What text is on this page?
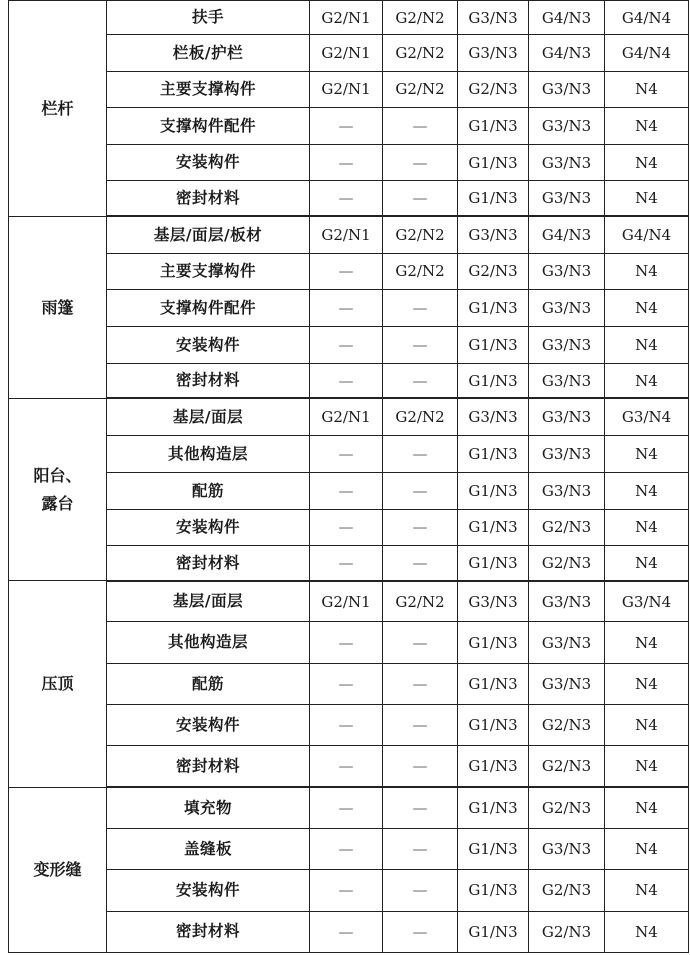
栏杆	扶手	G2/N1	G2/N2	G3/N3	G4/N3	G4/N4
	栏板/护栏	G2/N1	G2/N2	G3/N3	G4/N3	G4/N4
	主要支撑构件	G2/N1	G2/N2	G2/N3	G3/N3	N4
	支撑构件配件	—	—	G1/N3	G3/N3	N4
	安装构件	—	—	G1/N3	G3/N3	N4
	密封材料	—	—	G1/N3	G3/N3	N4
雨篷	基层/面层/板材	G2/N1	G2/N2	G3/N3	G4/N3	G4/N4
	主要支撑构件	—	G2/N2	G2/N3	G3/N3	N4
	支撑构件配件	—	—	G1/N3	G3/N3	N4
	安装构件	—	—	G1/N3	G3/N3	N4
	密封材料	—	—	G1/N3	G3/N3	N4

阳台、
露台	基层/面层	G2/N1	G2/N2	G3/N3	G3/N3	G3/N4
	其他构造层	—	—	G1/N3	G3/N3	N4
	配筋	—	—	G1/N3	G3/N3	N4
	安装构件	—	—	G1/N3	G2/N3	N4
	密封材料	—	—	G1/N3	G2/N3	N4
压顶	基层/面层	G2/N1	G2/N2	G3/N3	G3/N3	G3/N4
	其他构造层	—	—	G1/N3	G3/N3	N4
	配筋	—	—	G1/N3	G3/N3	N4
	安装构件	—	—	G1/N3	G2/N3	N4
	密封材料	—	—	G1/N3	G2/N3	N4
变形缝	填充物	—	—	G1/N3	G2/N3	N4
	盖缝板	—	—	G1/N3	G3/N3	N4
	安装构件	—	—	G1/N3	G2/N3	N4
	密封材料	—	—	G1/N3	G2/N3	N4
